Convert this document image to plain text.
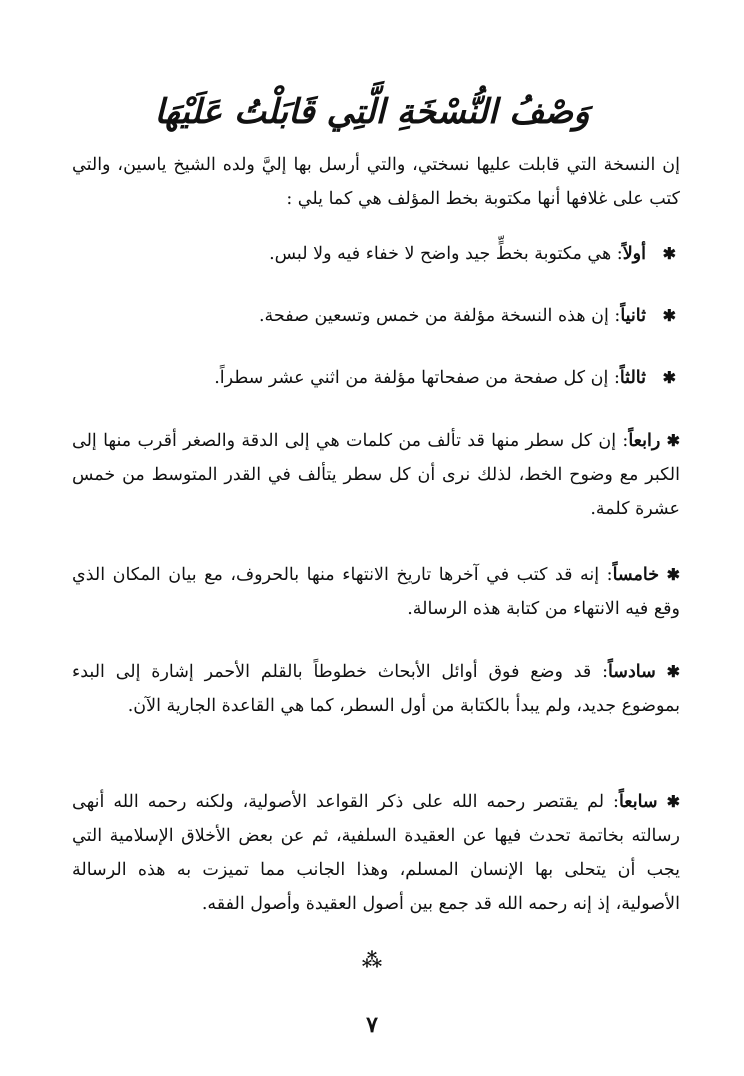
وَصْفُ النُّسْخَةِ الَّتِي قَابَلْتُ عَلَيْهَا
إن النسخة التي قابلت عليها نسختي، والتي أرسل بها إليَّ ولده الشيخ ياسين، والتي كتب على غلافها أنها مكتوبة بخط المؤلف هي كما يلي :
✱
أولاً: هي مكتوبة بخطٍّ جيد واضح لا خفاء فيه ولا لبس.
✱
ثانياً: إن هذه النسخة مؤلفة من خمس وتسعين صفحة.
✱
ثالثاً: إن كل صفحة من صفحاتها مؤلفة من اثني عشر سطراً.
✱ رابعاً: إن كل سطر منها قد تألف من كلمات هي إلى الدقة والصغر أقرب منها إلى الكبر مع وضوح الخط، لذلك نرى أن كل سطر يتألف في القدر المتوسط من خمس عشرة كلمة.
✱ خامساً: إنه قد كتب في آخرها تاريخ الانتهاء منها بالحروف، مع بيان المكان الذي وقع فيه الانتهاء من كتابة هذه الرسالة.
✱ سادساً: قد وضع فوق أوائل الأبحاث خطوطاً بالقلم الأحمر إشارة إلى البدء بموضوع جديد، ولم يبدأ بالكتابة من أول السطر، كما هي القاعدة الجارية الآن.
✱ سابعاً: لم يقتصر رحمه الله على ذكر القواعد الأصولية، ولكنه رحمه الله أنهى رسالته بخاتمة تحدث فيها عن العقيدة السلفية، ثم عن بعض الأخلاق الإسلامية التي يجب أن يتحلى بها الإنسان المسلم، وهذا الجانب مما تميزت به هذه الرسالة الأصولية، إذ إنه رحمه الله قد جمع بين أصول العقيدة وأصول الفقه.
⁂
٧
